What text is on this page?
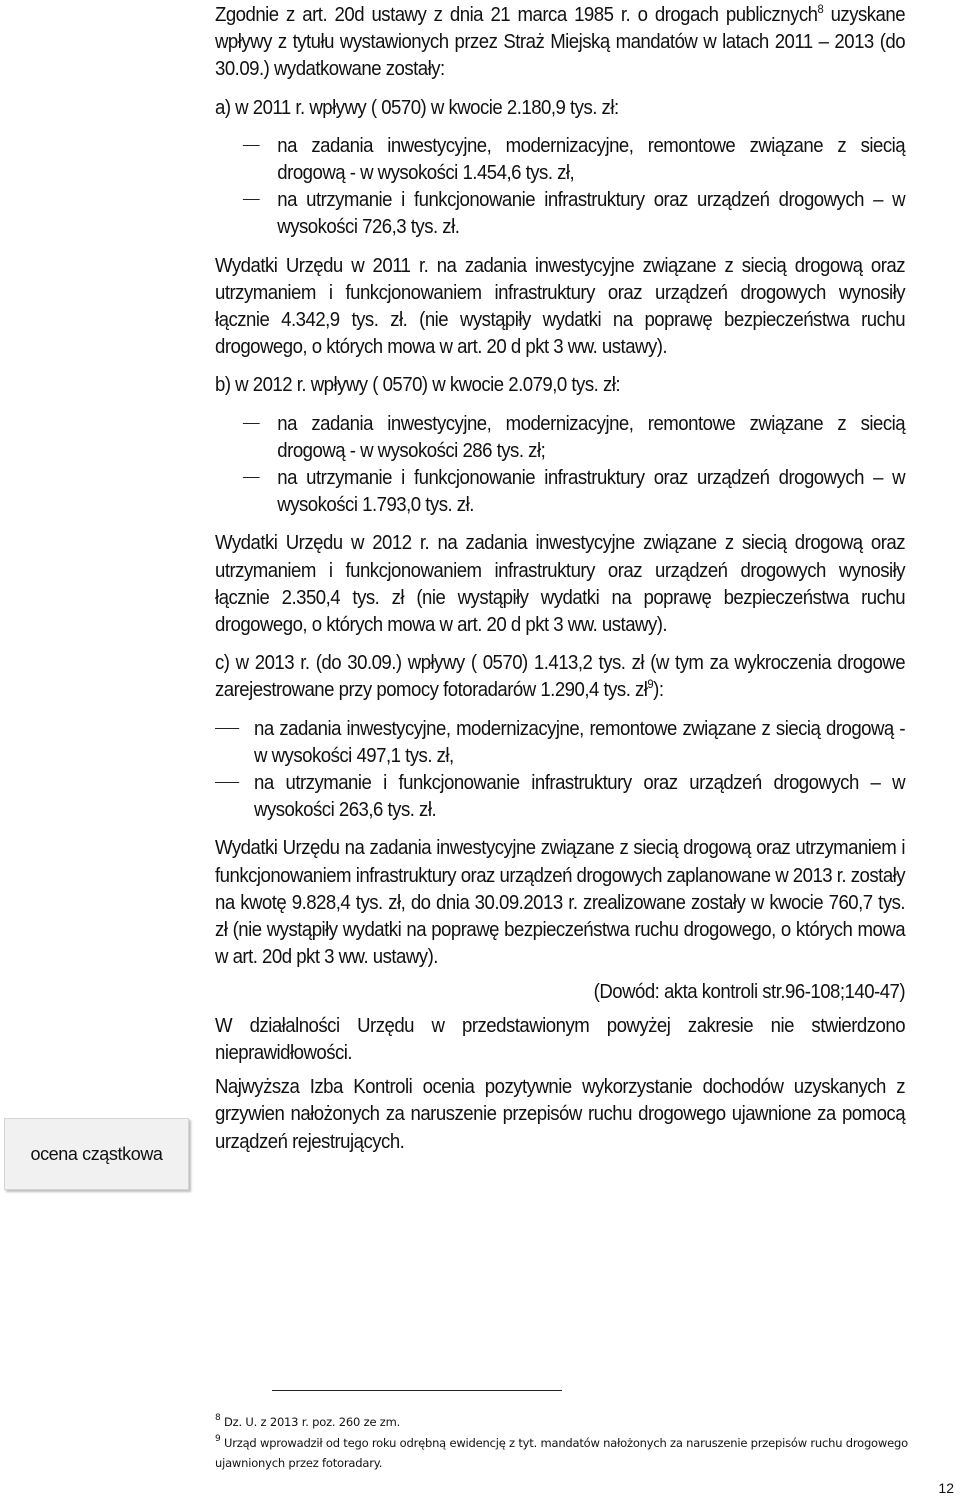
Zgodnie z art. 20d ustawy z dnia 21 marca 1985 r. o drogach publicznych$^8$ uzyskane wpływy z tytułu wystawionych przez Straż Miejską mandatów w latach 2011 – 2013 (do 30.09.) wydatkowane zostały:

a) w 2011 r. wpływy ( 0570) w kwocie 2.180,9 tys. zł:

na zadania inwestycyjne, modernizacyjne, remontowe związane z siecią drogową - w wysokości 1.454,6 tys. zł,
na utrzymanie i funkcjonowanie infrastruktury oraz urządzeń drogowych – w wysokości 726,3 tys. zł.

Wydatki Urzędu w 2011 r. na zadania inwestycyjne związane z siecią drogową oraz utrzymaniem i funkcjonowaniem infrastruktury oraz urządzeń drogowych wynosiły łącznie 4.342,9 tys. zł. (nie wystąpiły wydatki na poprawę bezpieczeństwa ruchu drogowego, o których mowa w art. 20 d pkt 3 ww. ustawy).

b) w 2012 r. wpływy ( 0570) w kwocie 2.079,0 tys. zł:

na zadania inwestycyjne, modernizacyjne, remontowe związane z siecią drogową - w wysokości 286 tys. zł;
na utrzymanie i funkcjonowanie infrastruktury oraz urządzeń drogowych – w wysokości 1.793,0 tys. zł.

Wydatki Urzędu w 2012 r. na zadania inwestycyjne związane z siecią drogową oraz utrzymaniem i funkcjonowaniem infrastruktury oraz urządzeń drogowych wynosiły łącznie 2.350,4 tys. zł (nie wystąpiły wydatki na poprawę bezpieczeństwa ruchu drogowego, o których mowa w art. 20 d pkt 3 ww. ustawy).

c) w 2013 r. (do 30.09.) wpływy ( 0570) 1.413,2 tys. zł (w tym za wykroczenia drogowe zarejestrowane przy pomocy fotoradarów 1.290,4 tys. $zł^9$):

na zadania inwestycyjne, modernizacyjne, remontowe związane z siecią drogową - w wysokości 497,1 tys. zł,
na utrzymanie i funkcjonowanie infrastruktury oraz urządzeń drogowych – w wysokości 263,6 tys. zł.

Wydatki Urzędu na zadania inwestycyjne związane z siecią drogową oraz utrzymaniem i funkcjonowaniem infrastruktury oraz urządzeń drogowych zaplanowane w 2013 r. zostały na kwotę 9.828,4 tys. zł, do dnia 30.09.2013 r. zrealizowane zostały w kwocie 760,7 tys. zł (nie wystąpiły wydatki na poprawę bezpieczeństwa ruchu drogowego, o których mowa w art. 20d pkt 3 ww. ustawy).

(Dowód: akta kontroli str.96-108;140-47)

W działalności Urzędu w przedstawionym powyżej zakresie nie stwierdzono nieprawidłowości.

Najwyższa Izba Kontroli ocenia pozytywnie wykorzystanie dochodów uzyskanych z grzywien nałożonych za naruszenie przepisów ruchu drogowego ujawnione za pomocą urządzeń rejestrujących.

ocena cząstkowa
$^8$ Dz. U. z 2013 r. poz. 260 ze zm.
$^9$ Urząd wprowadził od tego roku odrębną ewidencję z tyt. mandatów nałożonych za naruszenie przepisów ruchu drogowego ujawnionych przez fotoradary.
12
